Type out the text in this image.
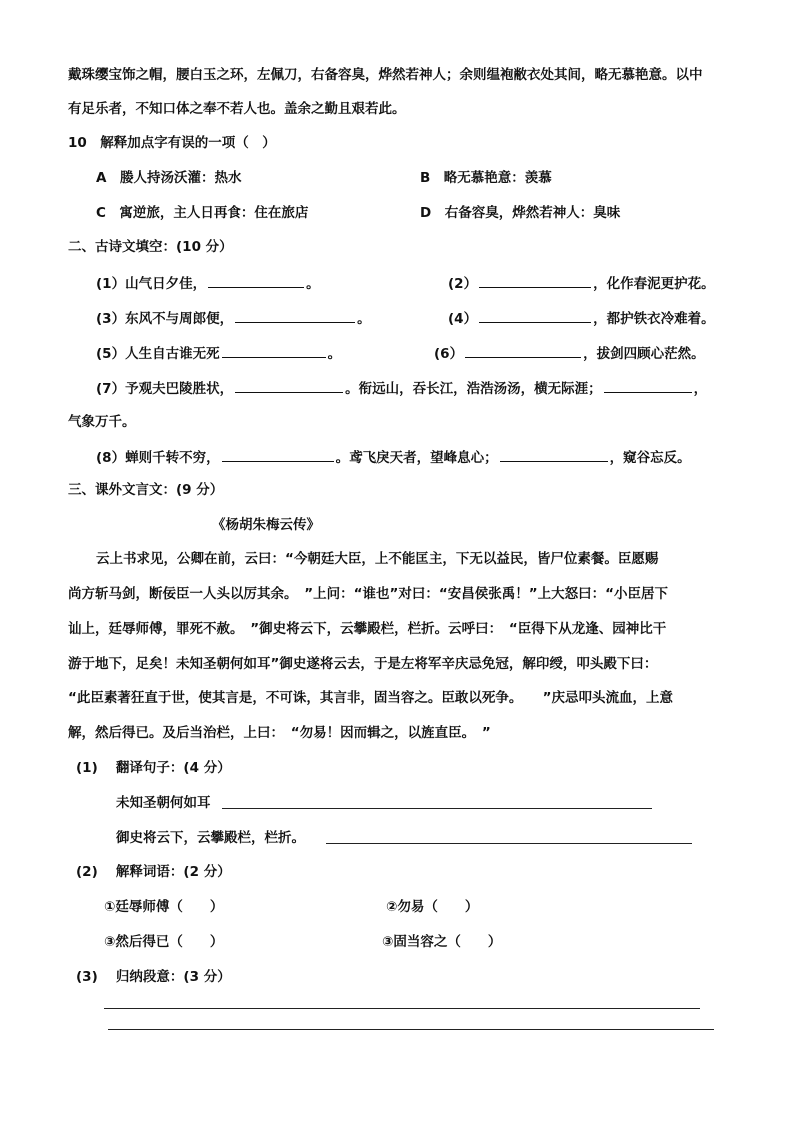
戴珠缨宝饰之帽，腰白玉之环，左佩刀，右备容臭，烨然若神人；余则缊袍敝衣处其间，略无慕艳意。以中
有足乐者，不知口体之奉不若人也。盖余之勤且艰若此。
10　解释加点字有误的一项（　）
A　媵人持汤沃灌：热水	B　略无慕艳意：羡慕
C　寓逆旅，主人日再食：住在旅店	D　右备容臭，烨然若神人：臭味
二、古诗文填空：(10 分）
(1）山气日夕佳，	。	(2）	，化作春泥更护花。
(3）东风不与周郎便，	。	(4）	，都护铁衣冷难着。
(5）人生自古谁无死	。	(6）	，拔剑四顾心茫然。
(7）予观夫巴陵胜状，	。衔远山，吞长江，浩浩汤汤，横无际涯；	，
气象万千。
(8）蝉则千转不穷，	。鸢飞戾天者，望峰息心；	，窥谷忘反。
三、课外文言文：(9 分）
《杨胡朱梅云传》
云上书求见，公卿在前，云曰：“今朝廷大臣，上不能匡主，下无以益民，皆尸位素餐。臣愿赐
尚方斩马剑，断佞臣一人头以厉其余。　”上问：“谁也”对曰：“安昌侯张禹！”上大怒曰：“小臣居下
讪上，廷辱师傅，罪死不赦。　”御史将云下，云攀殿栏，栏折。云呼曰：　“臣得下从龙逢、园神比干
游于地下，足矣！未知圣朝何如耳”御史遂将云去，于是左将军辛庆忌免冠，解印绶，叩头殿下曰：
“此臣素著狂直于世，使其言是，不可诛，其言非，固当容之。臣敢以死争。　　”庆忌叩头流血，上意
解，然后得已。及后当治栏，上曰：　“勿易！因而辑之，以旌直臣。　”
(1)　 翻译句子：(4 分）
未知圣朝何如耳
御史将云下，云攀殿栏，栏折。
(2)　 解释词语：(2 分）
①廷辱师傅（　　）	②勿易（　　）
③然后得已（　　）	③固当容之（　　）
(3)　 归纳段意：(3 分）
